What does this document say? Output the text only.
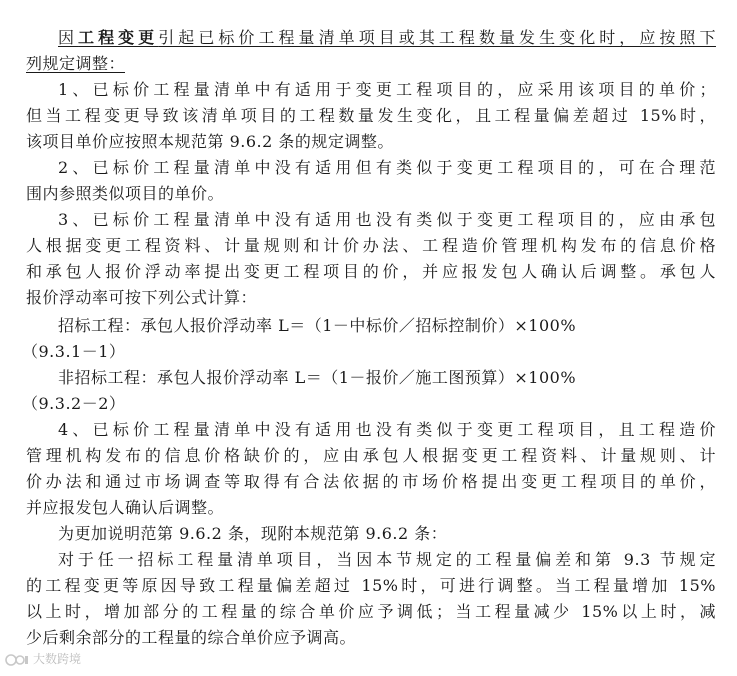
因工程变更引起已标价工程量清单项目或其工程数量发生变化时，应按照下
列规定调整：
1、已标价工程量清单中有适用于变更工程项目的，应采用该项目的单价；
但当工程变更导致该清单项目的工程数量发生变化，且工程量偏差超过 15%时，
该项目单价应按照本规范第 9.6.2 条的规定调整。
2、已标价工程量清单中没有适用但有类似于变更工程项目的，可在合理范
围内参照类似项目的单价。
3、已标价工程量清单中没有适用也没有类似于变更工程项目的，应由承包
人根据变更工程资料、计量规则和计价办法、工程造价管理机构发布的信息价格
和承包人报价浮动率提出变更工程项目的价，并应报发包人确认后调整。承包人
报价浮动率可按下列公式计算：
招标工程：承包人报价浮动率 L＝（1－中标价／招标控制价）×100%
（9.3.1－1）
非招标工程：承包人报价浮动率 L＝（1－报价／施工图预算）×100%
（9.3.2－2）
4、已标价工程量清单中没有适用也没有类似于变更工程项目，且工程造价
管理机构发布的信息价格缺价的，应由承包人根据变更工程资料、计量规则、计
价办法和通过市场调查等取得有合法依据的市场价格提出变更工程项目的单价，
并应报发包人确认后调整。
为更加说明范第 9.6.2 条，现附本规范第 9.6.2 条：
对于任一招标工程量清单项目，当因本节规定的工程量偏差和第 9.3 节规定
的工程变更等原因导致工程量偏差超过 15%时，可进行调整。当工程量增加 15%
以上时，增加部分的工程量的综合单价应予调低；当工程量减少 15%以上时，减
少后剩余部分的工程量的综合单价应予调高。
大数跨境
